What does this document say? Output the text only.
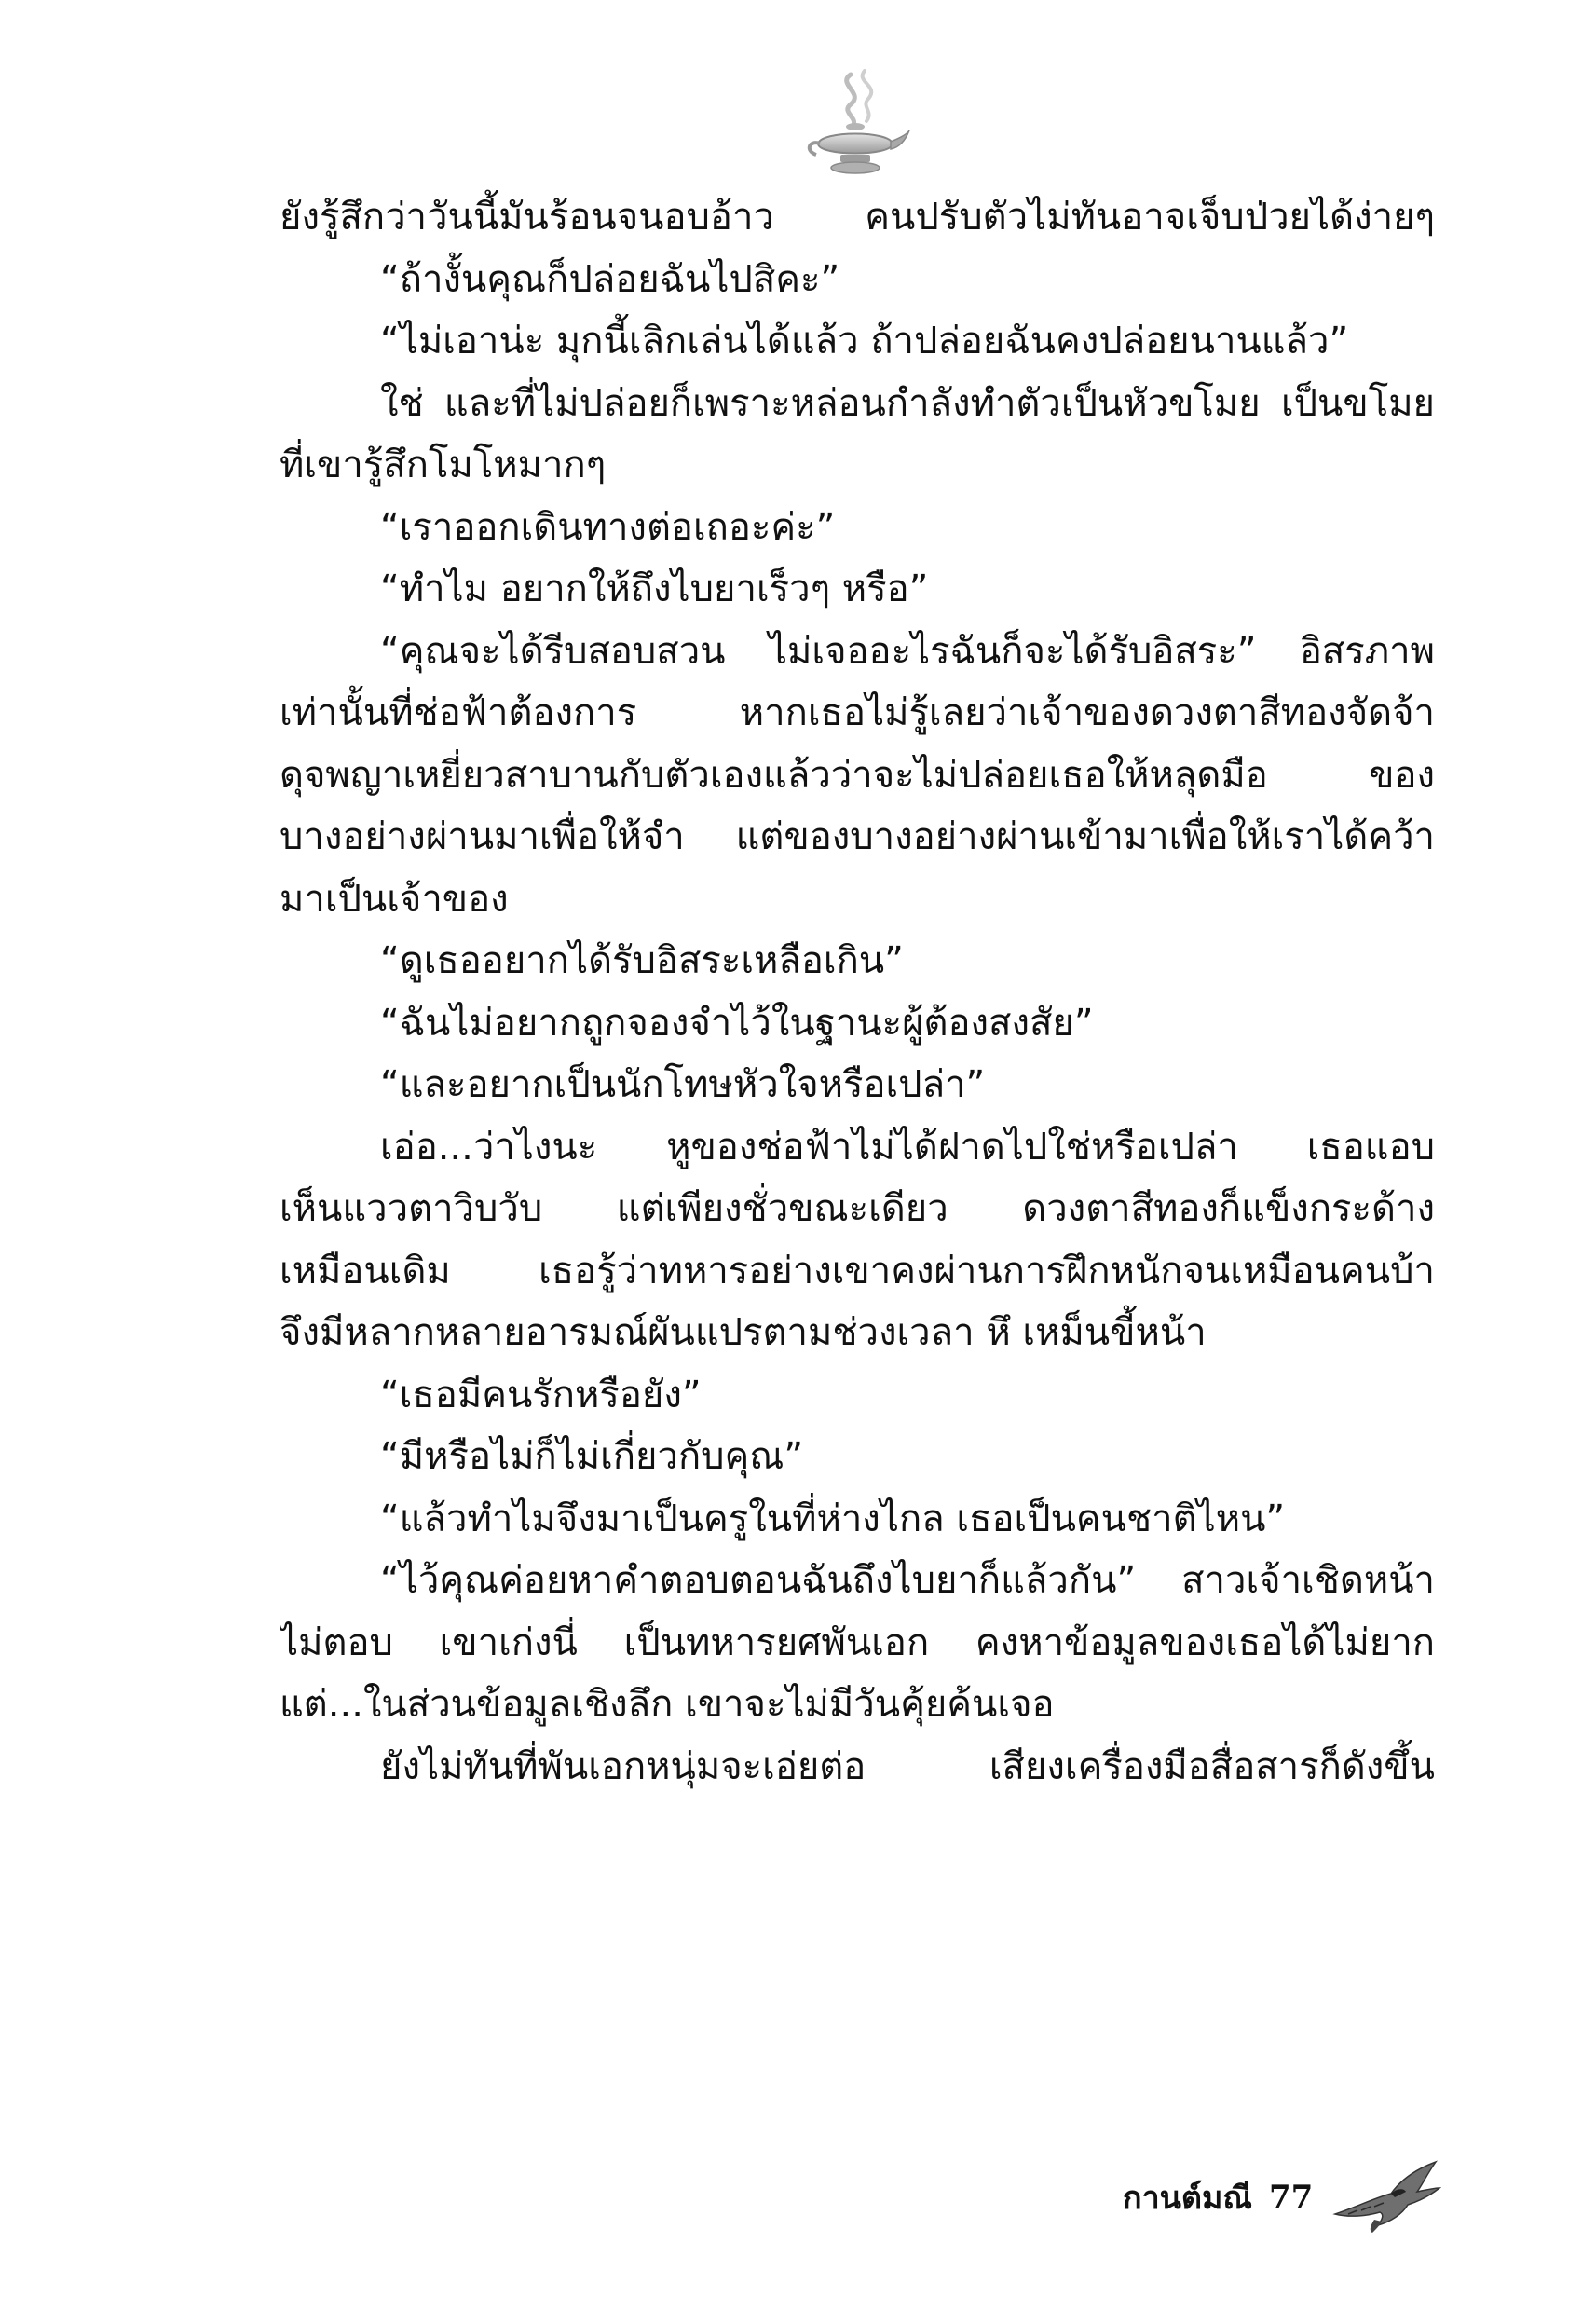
ยังรู้สึกว่าวันนี้มันร้อนจนอบอ้าว คนปรับตัวไม่ทันอาจเจ็บป่วยได้ง่ายๆ
“ถ้างั้นคุณก็ปล่อยฉันไปสิคะ”
“ไม่เอาน่ะ มุกนี้เลิกเล่นได้แล้ว ถ้าปล่อยฉันคงปล่อยนานแล้ว”
ใช่ และที่ไม่ปล่อยก็เพราะหล่อนกำลังทำตัวเป็นหัวขโมย เป็นขโมย
ที่เขารู้สึกโมโหมากๆ
“เราออกเดินทางต่อเถอะค่ะ”
“ทำไม อยากให้ถึงไบยาเร็วๆ หรือ”
“คุณจะได้รีบสอบสวน ไม่เจออะไรฉันก็จะได้รับอิสระ” อิสรภาพ
เท่านั้นที่ช่อฟ้าต้องการ หากเธอไม่รู้เลยว่าเจ้าของดวงตาสีทองจัดจ้า
ดุจพญาเหยี่ยวสาบานกับตัวเองแล้วว่าจะไม่ปล่อยเธอให้หลุดมือ ของ
บางอย่างผ่านมาเพื่อให้จำ แต่ของบางอย่างผ่านเข้ามาเพื่อให้เราได้คว้า
มาเป็นเจ้าของ
“ดูเธออยากได้รับอิสระเหลือเกิน”
“ฉันไม่อยากถูกจองจำไว้ในฐานะผู้ต้องสงสัย”
“และอยากเป็นนักโทษหัวใจหรือเปล่า”
เอ่อ...ว่าไงนะ หูของช่อฟ้าไม่ได้ฝาดไปใช่หรือเปล่า เธอแอบ
เห็นแววตาวิบวับ แต่เพียงชั่วขณะเดียว ดวงตาสีทองก็แข็งกระด้าง
เหมือนเดิม เธอรู้ว่าทหารอย่างเขาคงผ่านการฝึกหนักจนเหมือนคนบ้า
จึงมีหลากหลายอารมณ์ผันแปรตามช่วงเวลา หึ เหม็นขี้หน้า
“เธอมีคนรักหรือยัง”
“มีหรือไม่ก็ไม่เกี่ยวกับคุณ”
“แล้วทำไมจึงมาเป็นครูในที่ห่างไกล เธอเป็นคนชาติไหน”
“ไว้คุณค่อยหาคำตอบตอนฉันถึงไบยาก็แล้วกัน” สาวเจ้าเชิดหน้า
ไม่ตอบ เขาเก่งนี่ เป็นทหารยศพันเอก คงหาข้อมูลของเธอได้ไม่ยาก
แต่...ในส่วนข้อมูลเชิงลึก เขาจะไม่มีวันคุ้ยค้นเจอ
ยังไม่ทันที่พันเอกหนุ่มจะเอ่ยต่อ เสียงเครื่องมือสื่อสารก็ดังขึ้น
กานต์มณี 77
